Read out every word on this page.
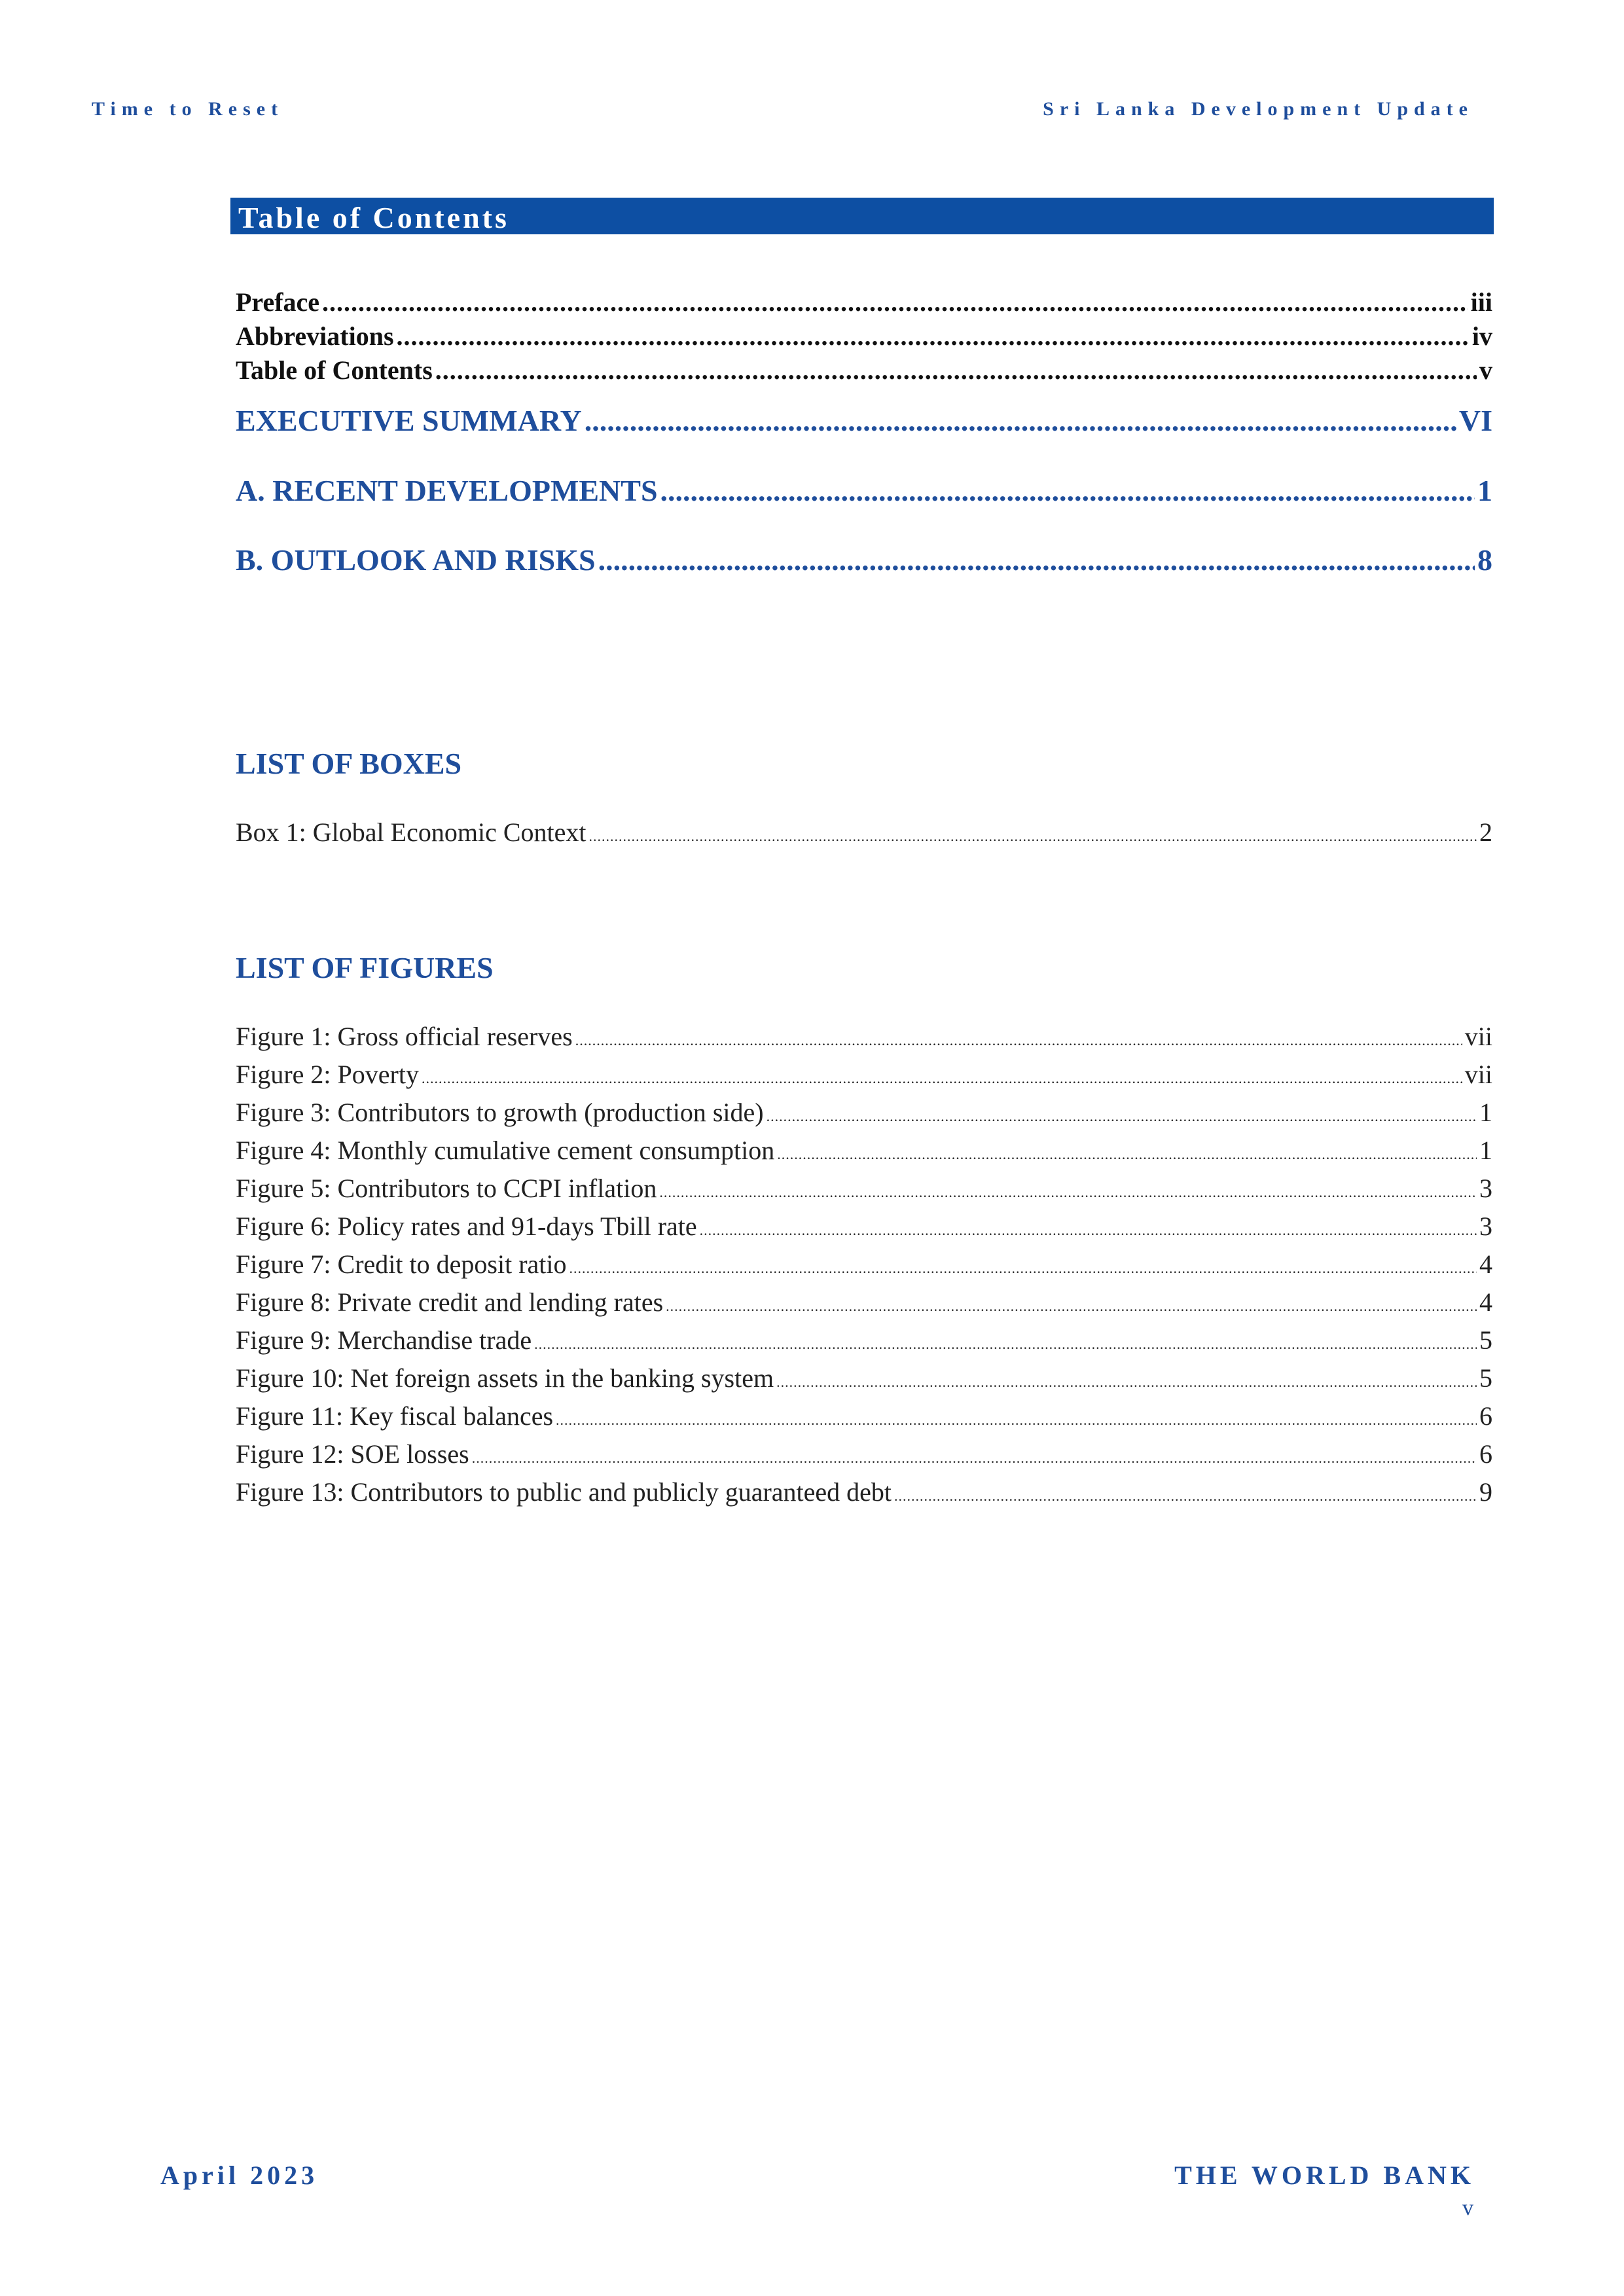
Time to Reset	Sri Lanka Development Update
Table of Contents
Preface .....	iii
Abbreviations .....	iv
Table of Contents .....	v
EXECUTIVE SUMMARY .....	VI
A. RECENT DEVELOPMENTS .....	1
B. OUTLOOK AND RISKS .....	8
LIST OF BOXES
Box 1: Global Economic Context .....	2
LIST OF FIGURES
Figure 1: Gross official reserves .....	vii
Figure 2: Poverty .....	vii
Figure 3: Contributors to growth (production side) .....	1
Figure 4: Monthly cumulative cement consumption .....	1
Figure 5: Contributors to CCPI inflation .....	3
Figure 6: Policy rates and 91-days Tbill rate .....	3
Figure 7: Credit to deposit ratio .....	4
Figure 8: Private credit and lending rates .....	4
Figure 9: Merchandise trade .....	5
Figure 10: Net foreign assets in the banking system .....	5
Figure 11: Key fiscal balances .....	6
Figure 12: SOE losses .....	6
Figure 13: Contributors to public and publicly guaranteed debt .....	9
April 2023	THE WORLD BANK
v
